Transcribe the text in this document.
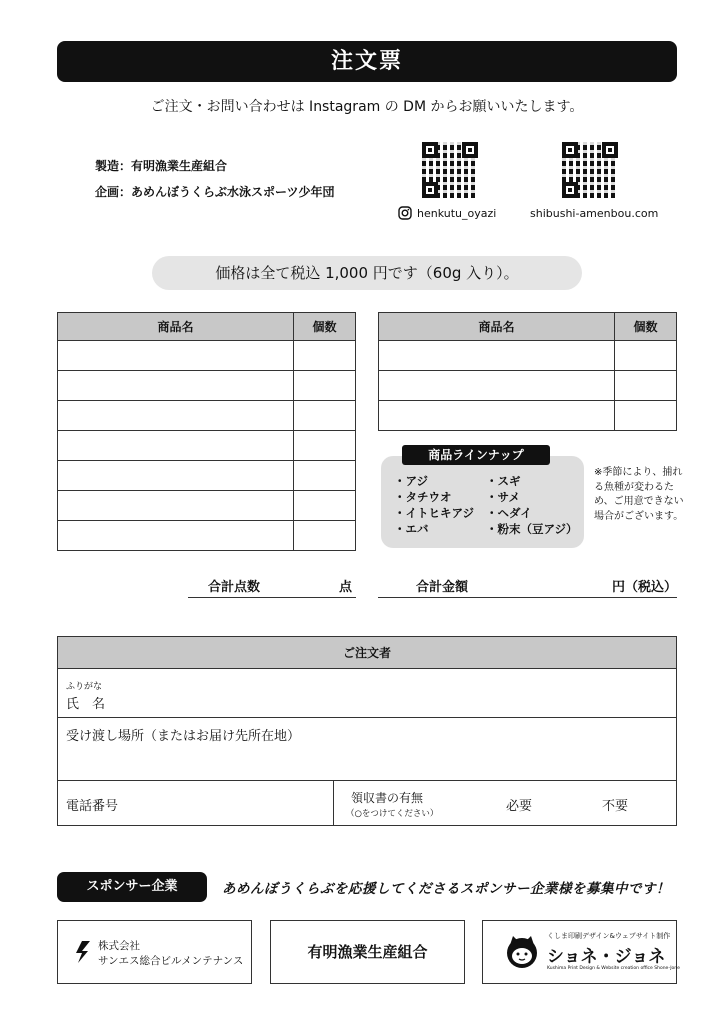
注文票
ご注文・お問い合わせは Instagram の DM からお願いいたします。
製造：有明漁業生産組合
企画：あめんぼうくらぶ水泳スポーツ少年団
henkutu_oyazi	shibushi-amenbou.com
価格は全て税込 1,000 円です（60g 入り）。
商品名	個数

		商品名	個数

・アジ
・タチウオ
・イトヒキアジ
・エバ
・スギ
・サメ
・ヘダイ
・粉末（豆アジ）
商品ラインナップ
※季節により、捕れる魚種が変わるため、ご用意できない場合がございます。
合計点数	点	合計金額	円（税込）
ご注文者
ふりがな
氏　名
受け渡し場所（またはお届け先所在地）
電話番号
領収書の有無
（○をつけてください）	必要	不要
スポンサー企業	あめんぼうくらぶを応援してくださるスポンサー企業様を募集中です！
株式会社
サンエス総合ビルメンテナンス	有明漁業生産組合
くしま印刷デザイン&ウェブサイト制作
ショネ・ジョネ
Kushima Print Design & Website creation office Shone-Jone
